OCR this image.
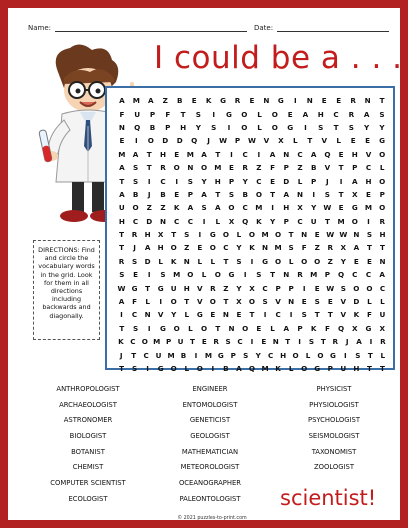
Name:	Date:
I could be a . . .
DIRECTIONS: Find and circle the vocabulary words in the grid. Look for them in all directions including backwards and diagonally.
A	M	A	Z	B	E	K	G	R	E	N	G	I	N	E	E	R	N	T
F	U	P	F	T	S	I	G	O	L	O	E	A	H	C	R	A	S
N	Q	B	P	H	Y	S	I	O	L	O	G	I	S	T	S	Y	Y
E	I	O	D	D	Q	J	W	P	W	V	X	L	T	V	L	E	E	G
M	A	T	H	E	M	A	T	I	C	I	A	N	C	A	Q	E	H	V	O
A	S	T	R	O	N	O M	E	R	Z	F	P	Z	B	V	T	P	C	L
T	S	I	C	I	S	Y	H	P	Y	C	E	D	L	P	J	I	A	H	O
A	B	J	B	E	P	A	T	S	B	O	T	A	N	I	S	T	X	E	P
U	O	Z	Z	K	A	S	A	O	C	M	I	H	X	Y W	E	G M O
H	C	D	N	C	C	I	L	X	Q	K	Y	P	C	U	T	M O	I	R
T	R	H	X	T	S	I	G O	L	O M O	T	N	E W W N	S	H
T	J	A	H O	Z	E	O	C	Y	K	N M S	F	Z	R	X	A	T	T
R	S	D	L	K	N	L	L	T	S	I	G O	L	O O	Z	Y	E	E	N
S	E	I	S	M O	L	O	G	I	S	T	N	R	M	P	Q	C	C	A
W G	T	G U H	V	R	Z	Y	X	C	P	P	I	E W S	O O	C
A	F	L	I	O	T	V O	T	X	O	S	V	N	E	S	E	V	D	L	L
I	C	N	V	Y	L	G	E	N	E	T	I	C	I	S	T	T	V	K	F	U
T	S	I	G	O	L	O	T	N	O	E	L	A	P	K	F	Q	X	G	X
K C O M P U T E R S C	I	E N T	I	S T R	J	A	I	R
J	T	C U M B	I	M G P	S	Y	C H O L O G	I	S	T	L
T	S	I	G O	L	O	I	B	A Q M K	L	O G	P	U H	T	T
ANTHROPOLOGIST
ARCHAEOLOGIST
ASTRONOMER
BIOLOGIST
BOTANIST
CHEMIST
COMPUTER SCIENTIST
ECOLOGIST
ENGINEER
ENTOMOLOGIST
GENETICIST
GEOLOGIST
MATHEMATICIAN
METEOROLOGIST
OCEANOGRAPHER
PALEONTOLOGIST
PHYSICIST
PHYSIOLOGIST
PSYCHOLOGIST
SEISMOLOGIST
TAXONOMIST
ZOOLOGIST
scientist!
© 2021 puzzles-to-print.com
